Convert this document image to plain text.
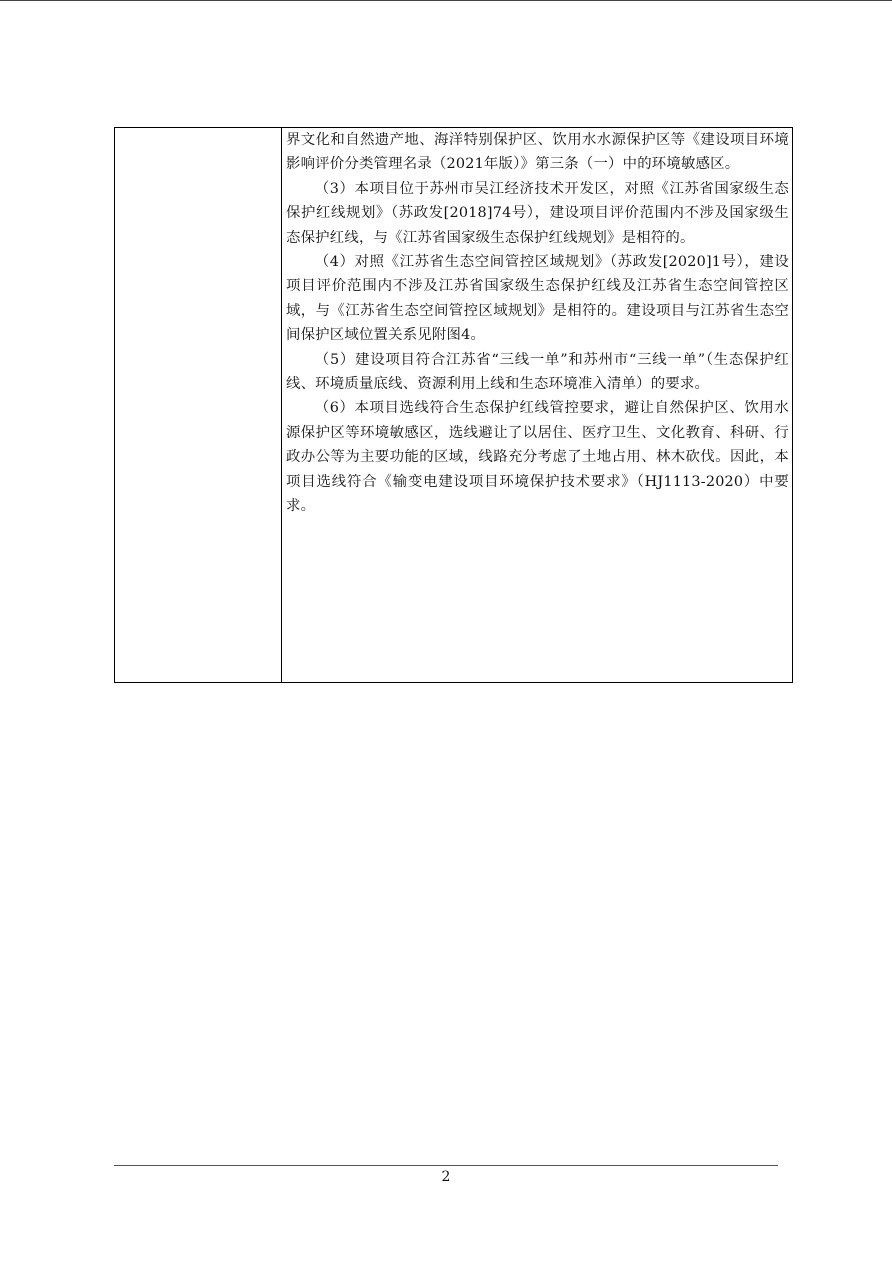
界文化和自然遗产地、海洋特别保护区、饮用水水源保护区等《建设项目环境影响评价分类管理名录（2021年版）》第三条（一）中的环境敏感区。

（3）本项目位于苏州市吴江经济技术开发区，对照《江苏省国家级生态保护红线规划》（苏政发[2018]74号），建设项目评价范围内不涉及国家级生态保护红线，与《江苏省国家级生态保护红线规划》是相符的。

（4）对照《江苏省生态空间管控区域规划》（苏政发[2020]1号），建设项目评价范围内不涉及江苏省国家级生态保护红线及江苏省生态空间管控区域，与《江苏省生态空间管控区域规划》是相符的。建设项目与江苏省生态空间保护区域位置关系见附图4。

（5）建设项目符合江苏省“三线一单”和苏州市“三线一单”（生态保护红线、环境质量底线、资源利用上线和生态环境准入清单）的要求。

（6）本项目选线符合生态保护红线管控要求，避让自然保护区、饮用水源保护区等环境敏感区，选线避让了以居住、医疗卫生、文化教育、科研、行政办公等为主要功能的区域，线路充分考虑了土地占用、林木砍伐。因此，本项目选线符合《输变电建设项目环境保护技术要求》（HJ1113-2020）中要求。

2
